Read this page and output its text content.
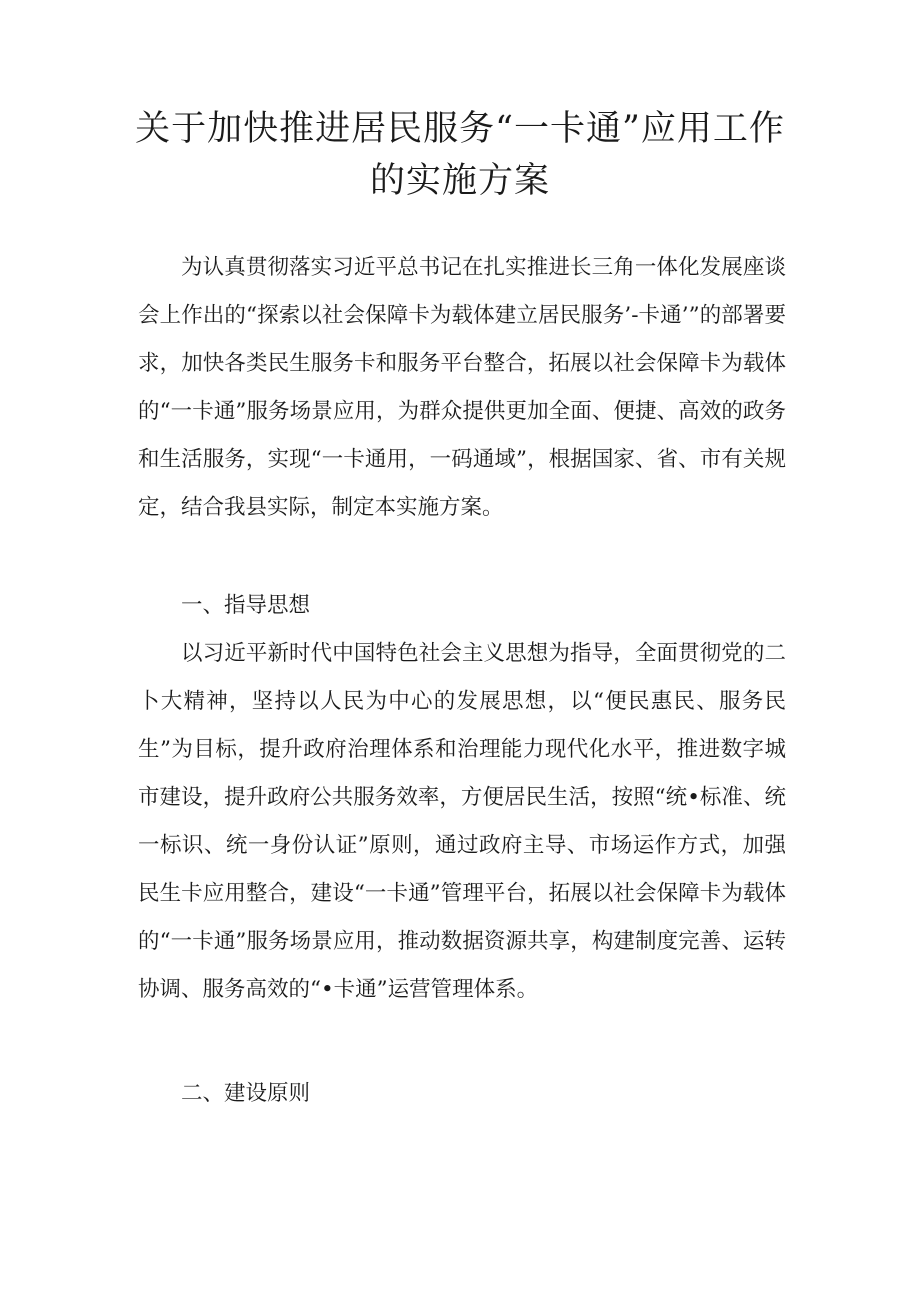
关于加快推进居民服务“一卡通”应用工作的实施方案

为认真贯彻落实习近平总书记在扎实推进长三角一体化发展座谈会上作出的“探索以社会保障卡为载体建立居民服务’-卡通’”的部署要求，加快各类民生服务卡和服务平台整合，拓展以社会保障卡为载体的“一卡通”服务场景应用，为群众提供更加全面、便捷、高效的政务和生活服务，实现“一卡通用，一码通域”，根据国家、省、市有关规定，结合我县实际，制定本实施方案。

一、指导思想

以习近平新时代中国特色社会主义思想为指导，全面贯彻党的二卜大精神，坚持以人民为中心的发展思想，以“便民惠民、服务民生”为目标，提升政府治理体系和治理能力现代化水平，推进数字城市建设，提升政府公共服务效率，方便居民生活，按照“统•标准、统一标识、统一身份认证”原则，通过政府主导、市场运作方式，加强民生卡应用整合，建设“一卡通”管理平台，拓展以社会保障卡为载体的“一卡通”服务场景应用，推动数据资源共享，构建制度完善、运转协调、服务高效的“•卡通”运营管理体系。

二、建设原则
